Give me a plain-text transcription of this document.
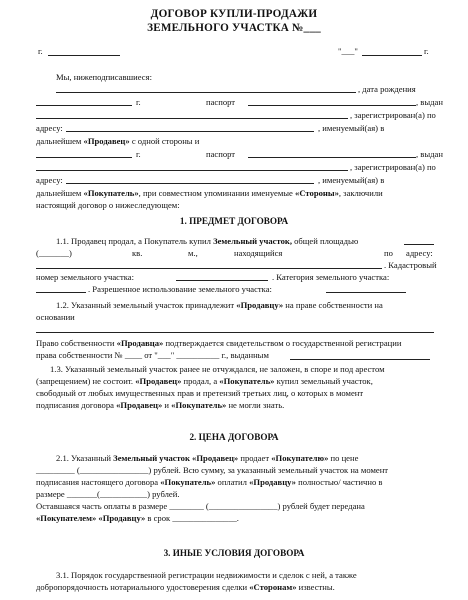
ДОГОВОР КУПЛИ-ПРОДАЖИ
ЗЕМЕЛЬНОГО УЧАСТКА №___
г.	"___"	г.
Мы, нижеподписавшиеся:
, дата рождения
г.	паспорт	, выдан
, зарегистрирован(а) по
адресу:	, именуемый(ая) в
дальнейшем «Продавец» с одной стороны и
г.	паспорт	, выдан
, зарегистрирован(а) по
адресу:	, именуемый(ая) в
дальнейшем «Покупатель», при совместном упоминании именуемые «Стороны», заключили
настоящий договор о нижеследующем:
1. ПРЕДМЕТ ДОГОВОРА
1.1. Продавец продал, а Покупатель купил Земельный участок, общей площадью
(_______)	кв.	м.,	находящийся	по адресу:
. Кадастровый
номер земельного участка:	. Категория земельного участка:
. Разрешенное использование земельного участка:
1.2. Указанный земельный участок принадлежит «Продавцу» на праве собственности на
основании
Право собственности «Продавца» подтверждается свидетельством о государственной регистрации
права собственности № ____ от "___" __________ г., выданным
1.3. Указанный земельный участок ранее не отчуждался, не заложен, в споре и под арестом
(запрещением) не состоит. «Продавец» продал, а «Покупатель» купил земельный участок,
свободный от любых имущественных прав и претензий третьих лиц, о которых в момент
подписания договора «Продавец» и «Покупатель» не могли знать.
2. ЦЕНА ДОГОВОРА
2.1. Указанный Земельный участок «Продавец» продает «Покупателю» по цене
_________ (________________) рублей. Всю сумму, за указанный земельный участок на момент
подписания настоящего договора «Покупатель» оплатил «Продавцу» полностью/ частично в
размере _______(___________) рублей.
Оставшаяся часть оплаты в размере ________ (________________) рублей будет передана
«Покупателем» «Продавцу» в срок _______________.
3. ИНЫЕ УСЛОВИЯ ДОГОВОРА
3.1. Порядок государственной регистрации недвижимости и сделок с ней, а также
добропорядочность нотариального удостоверения сделки «Сторонам» известны.
